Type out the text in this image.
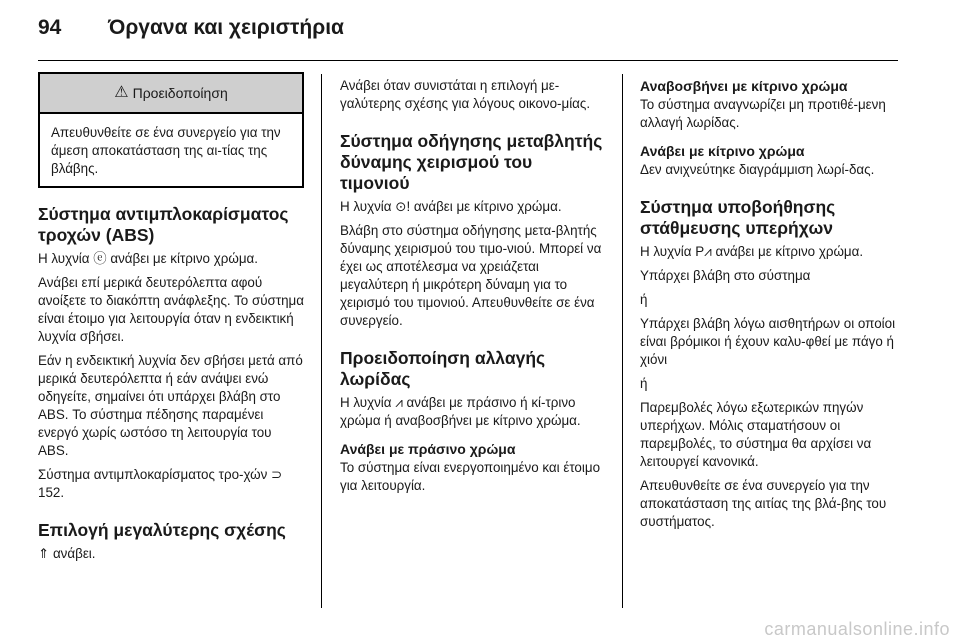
94	Όργανα και χειριστήρια
⚠ Προειδοποίηση
Απευθυνθείτε σε ένα συνεργείο για την άμεση αποκατάσταση της αι-τίας της βλάβης.
Σύστημα αντιμπλοκαρίσματος τροχών (ABS)

Η λυχνία ⓔ ανάβει με κίτρινο χρώμα.

Ανάβει επί μερικά δευτερόλεπτα αφού ανοίξετε το διακόπτη ανάφλεξης. Το σύστημα είναι έτοιμο για λειτουργία όταν η ενδεικτική λυχνία σβήσει.

Εάν η ενδεικτική λυχνία δεν σβήσει μετά από μερικά δευτερόλεπτα ή εάν ανάψει ενώ οδηγείτε, σημαίνει ότι υπάρχει βλάβη στο ABS. Το σύστημα πέδησης παραμένει ενεργό χωρίς ωστόσο τη λειτουργία του ABS.

Σύστημα αντιμπλοκαρίσματος τρο-χών ⊃ 152.

Επιλογή μεγαλύτερης σχέσης

⇑ ανάβει.

Ανάβει όταν συνιστάται η επιλογή με-γαλύτερης σχέσης για λόγους οικονο-μίας.

Σύστημα οδήγησης μεταβλητής δύναμης χειρισμού του τιμονιού

Η λυχνία ⊙! ανάβει με κίτρινο χρώμα.

Βλάβη στο σύστημα οδήγησης μετα-βλητής δύναμης χειρισμού του τιμο-νιού. Μπορεί να έχει ως αποτέλεσμα να χρειάζεται μεγαλύτερη ή μικρότερη δύναμη για το χειρισμό του τιμονιού. Απευθυνθείτε σε ένα συνεργείο.

Προειδοποίηση αλλαγής λωρίδας

Η λυχνία ⩘ ανάβει με πράσινο ή κί-τρινο χρώμα ή αναβοσβήνει με κίτρινο χρώμα.

Ανάβει με πράσινο χρώμα

Το σύστημα είναι ενεργοποιημένο και έτοιμο για λειτουργία.

Αναβοσβήνει με κίτρινο χρώμα

Το σύστημα αναγνωρίζει μη προτιθέ-μενη αλλαγή λωρίδας.

Ανάβει με κίτρινο χρώμα

Δεν ανιχνεύτηκε διαγράμμιση λωρί-δας.

Σύστημα υποβοήθησης στάθμευσης υπερήχων

Η λυχνία P⩘ ανάβει με κίτρινο χρώμα.

Υπάρχει βλάβη στο σύστημα

ή

Υπάρχει βλάβη λόγω αισθητήρων οι οποίοι είναι βρόμικοι ή έχουν καλυ-φθεί με πάγο ή χιόνι

ή

Παρεμβολές λόγω εξωτερικών πηγών υπερήχων. Μόλις σταματήσουν οι παρεμβολές, το σύστημα θα αρχίσει να λειτουργεί κανονικά.

Απευθυνθείτε σε ένα συνεργείο για την αποκατάσταση της αιτίας της βλά-βης του συστήματος.

carmanualsonline.info
